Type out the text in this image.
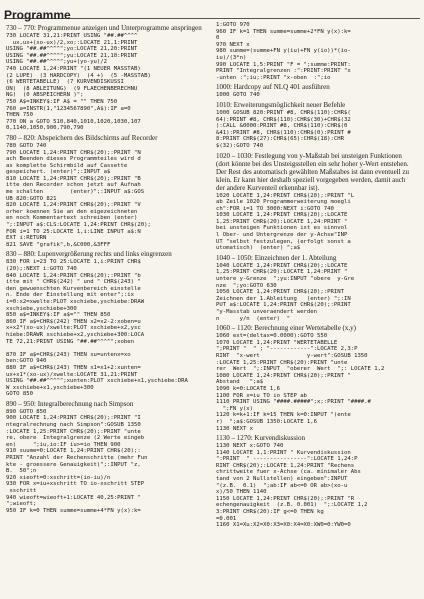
Programme
730 – 770: Programmenue anzeigen und Unterprogramme anspringen
730 LOCATE 31,21:PRINT USING "##.##^^^^
ux,ux+(xo-ux)/2,xo;:LOCATE 21,1:PRINT
USING "##.##^^^^";yo:LOCATE 21,20:PRINT
USING "##.##^^^^";yu:LOCATE 21,10:PRINT
USING "##.##^^^^";yu+(yo-yu)/2
740 LOCATE 1,24:PRINT "(1 NEUER MASSTAB)
(2 LUPE)  (3 HARDCOPY)  (4 +)  (5 -MASSTAB)
(6 WERTETABELLE)  (7 KURVENDISKUSSI
ON)  (8 ABLEITUNG)  (9 FLAECHENBERECHNU
NG)  (0 ABSPEICHERN )";
750 A$=INKEY$:IF A$ = "" THEN 750
760 a=INSTR(1,"1234567890",A$):IF a=0
THEN 750
770 ON a GOTO 510,840,1010,1020,1030,107
0,1140,1050,900,790,790
780 – 820: Abspeichern des Bildschirms auf Recorder
780 GOTO 740
790 LOCATE 1,24:PRINT CHR$(20);:PRINT "N
ach Beenden dieses Programmteiles wird d
as komplette Schirmbild auf Cassette
gespeichert. (enter)";:INPUT a$
810 LOCATE 1,24:PRINT CHR$(20);:PRINT "B
itte den Recorder schon jetzt auf Aufnah
me schalten        (enter)";:INPUT a$:GOS
UB 820:GOTO 821
820 LOCATE 1,24:PRINT CHR$(20);:PRINT "V
orher koennen Sie an den eigezeichneten
en noch Kommentartext schreiben (enter)
";:INPUT a$:CLS:LOCATE 1,24:PRINT CHR$(20);
FOR i=1 TO 25:LOCATE 1,i:LINE INPUT a$:N
EXT i:RETURN
821 SAVE "grafik",b,&C000,&3FFF
830 – 880: Lupenvergrößerung rechts und links eingrenzen
830 FOR i=23 TO 25:LOCATE 1,i:PRINT CHR$
(20);:NEXT i:GOTO 740
840 LOCATE 1,24:PRINT CHR$(20);:PRINT "b
itte mit " CHR$(242) " und " CHR$(243) "
den gewuenschten Kurvenbereich einstelle
n. Ende der Einstellung mit enter";:ix
i=0:x2=xwelte:PLOT xschiebe,yschiebe:DRAW
xschiebe,yschiebe+300
850 a$=INKEY$:IF a$="" THEN 850
860 IF a$=CHR$(242) THEN x2=x2-2:xoben=u
x+x2*(xo-ux)/xwelte:PLOT xschiebe+x2,ysc
hiebe:DRAWR xschiebe+x2,yschiebe+300:LOCA
TE 72,21:PRINT USING "##.##^^^^";xoben

870 IF a$=CHR$(243) THEN xu=untenx=xo
ben:GOTO 940
880 IF a$=CHR$(243) THEN x1=x1+2:xunten=
ux+x1*(xo-ux)/xwelte:LOCATE 31,21:PRINT
USING "##.##^^^^";xunten:PLOT xschiebe+x1,yschiebe:DRA
W xschiebe+x1,yschiebe+300
GOTO 850
890 – 950: Integralberechnung nach Simpson
890 GOTO 850
900 LOCATE 1,24:PRINT CHR$(20);:PRINT "I
ntegralrechnung nach Simpson":GOSUB 1350
:LOCATE 1,25:PRINT CHR$(20);:PRINT "unte
re, obere  Integralgrenze (2 Werte eingeb
en)     ";iu,io:IF iu>=io THEN 900
910 suume=0:LOCATE 1,24:PRINT CHR$(20);:
PRINT "Anzahl der Rechenschritte (mehr Fun
kte - groessere Genauigkeit)";:INPUT "z,
B.  50";n
920 xieoft=0:xschritt=(io-iu)/n
930 FOR x=iu+xschritt TO io-xschritt STEP
xschritt
940 wieoft=wieoft+1:LOCATE 40,25:PRINT "
";wieoft;
950 IF k=0 THEN summe=summe+4*FN y(x):k=
1:GOTO 970
960 IF k=1 THEN summe=summe+2*FN y(x):k=
0
970 NEXT x
980 summe=(summe+FN y(iu)+FN y(io))*(io-
iu)/(3*n)
990 LOCATE 1,5:PRINT "F = ";summe:PRINT:
PRINT "Integralgrenzen :":PRINT:PRINT "x
-unten :";iu;:PRINT "x-oben  :";io
1000: Hardcopy auf NLQ 401 ausführen
1000 GOTO 740
1010: Erweiterungsmöglichkeit neuer Befehle
1000 GOSUB 820:PRINT #8, CHR$(110):CHR$(
64):PRINT #8, CHR$(110):CHR$(30)+CHR$(32
):CALL &0000:PRINT #8, CHR$(110):CHR$(0
&41):PRINT #8, CHR$(110):CHR$(0):PRINT #
8:PRINT CHR$(27):CHR$(65):CHR$(18):CHR
$(32):GOTO 740
1020 – 1030: Festlegung von y-Maßstab bei unsteigen Funktionen (dort könnte bei des Unsteigsstellen ein sehr hoher y-Wert entstehen. Der Rest des automatisch gewählten Maßstabes ist dann eventuell zu klein. Er kann hier deshalb speziell vorgegeben werden, damit auch der andere Kurventeil erkennbar ist).
1020 LOCATE 1,24:PRINT CHR$(20);:PRINT "L
ab Zeile 1020 Programmerweiterung moegli
ch":FOR i=1 TO 3000:NEXT i:GOTO 740
1030 LOCATE 1,24:PRINT CHR$(20);:LOCATE
1,25:PRINT CHR$(20):LOCATE 1,24:PRINT "
bei unsteigen Funktionen ist es sinnvol
l Ober- und Untergrenze der y-Achse"INP
UT "selbst festzulegen, (erfolgt sonst a
utomatisch)  (enter) ";a$
1040 – 1050: Einzeichnen der 1. Abteilung
1040 LOCATE 1,24:PRINT CHR$(20);:LOCATE
1,25:PRINT CHR$(20):LOCATE 1,24:PRINT "
untere y-Grenze  ";yu:INPUT "obere  y-Gre
nze  ";yo:GOTO 630
1050 LOCATE 1,24:PRINT CHR$(20);:PRINT
Zeichnen der 1.Ableitung   (enter) ";:IN
PUT a$:LOCATE 1,24:PRINT CHR$(20);:PRINT
"y-Masstab unveraendert werden
n      y/n  (enter)  "
1060 – 1120: Berechnung einer Wertetabelle (x,y)
1060 ext=(deltax=0.0000):GOTO 550
1070 LOCATE 1,24:PRINT "WERTETABELLE
";PRINT "  " ; "------------":LOCATE 2,3:P
RINT  "x-wert              y-wert":GOSUB 1350
:LOCATE 1,25:PRINT CHR$(20):PRINT "unte
rer  Wert  ";:INPUT  "oberer  Wert  ";: LOCATE 1,2
1080 LOCATE 1,24:PRINT CHR$(20);:PRINT "
Abstand   ";a$
1090 k=0:LOCATE 1,6
1100 FOR x=iu TO io STEP ab
1110 PRINT USING "####.#####";x;:PRINT "####.#
";FN y(x)
1120 k=k+1:IF k=15 THEN k=0:INPUT "(ente
r)  ";a$:GOSUB 1350:LOCATE 1,6
1130 NEXT x
1130 – 1270: Kurvendiskussion
1130 NEXT x:GOTO 740
1140 LOCATE 1,1:PRINT " Kurvendiskussion
":PRINT  " ----------------":LOCATE 1,24:P
RINT CHR$(20);:LOCATE 1,24:PRINT "Rechens
chrittweite fuer x-Achse (ca. minimaler Abs
tand von 2 Nullstellen) eingeben":INPUT
"(z.B.  0.1)  ";ab:IF ab<=0 OR ab>(xo-u
x)/50 THEN 1140
1150 LOCATE 1,24:PRINT CHR$(20);:PRINT "R
echengenauigkeit  (z.B. 0.001)  ";:LOCATE 1,2
3:PRINT CHR$(20):IF g<=0 THEN kg
=0.001
1160 X1=Xu:X2=X0:X3=X0:X4=X0:XW0=0:YW0=0
